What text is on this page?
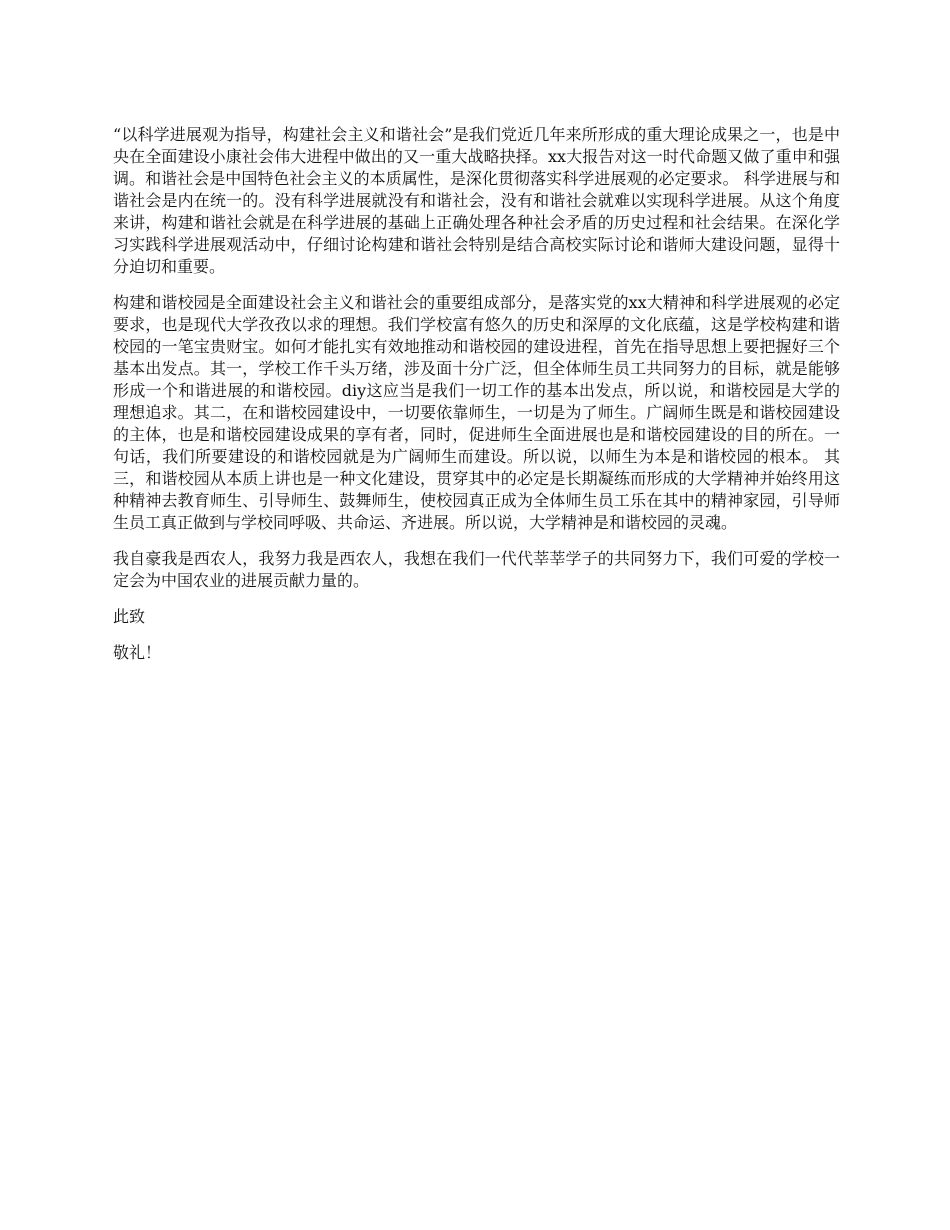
“以科学进展观为指导，构建社会主义和谐社会”是我们党近几年来所形成的重大理论成果之一，也是中央在全面建设小康社会伟大进程中做出的又一重大战略抉择。xx大报告对这一时代命题又做了重申和强调。和谐社会是中国特色社会主义的本质属性，是深化贯彻落实科学进展观的必定要求。 科学进展与和谐社会是内在统一的。没有科学进展就没有和谐社会，没有和谐社会就难以实现科学进展。从这个角度来讲，构建和谐社会就是在科学进展的基础上正确处理各种社会矛盾的历史过程和社会结果。在深化学习实践科学进展观活动中，仔细讨论构建和谐社会特别是结合高校实际讨论和谐师大建设问题，显得十分迫切和重要。

构建和谐校园是全面建设社会主义和谐社会的重要组成部分，是落实党的xx大精神和科学进展观的必定要求，也是现代大学孜孜以求的理想。我们学校富有悠久的历史和深厚的文化底蕴，这是学校构建和谐校园的一笔宝贵财宝。如何才能扎实有效地推动和谐校园的建设进程，首先在指导思想上要把握好三个基本出发点。其一，学校工作千头万绪，涉及面十分广泛，但全体师生员工共同努力的目标，就是能够形成一个和谐进展的和谐校园。diy这应当是我们一切工作的基本出发点，所以说，和谐校园是大学的理想追求。其二，在和谐校园建设中，一切要依靠师生，一切是为了师生。广阔师生既是和谐校园建设的主体，也是和谐校园建设成果的享有者，同时，促进师生全面进展也是和谐校园建设的目的所在。一句话，我们所要建设的和谐校园就是为广阔师生而建设。所以说，以师生为本是和谐校园的根本。 其三，和谐校园从本质上讲也是一种文化建设，贯穿其中的必定是长期凝练而形成的大学精神并始终用这种精神去教育师生、引导师生、鼓舞师生，使校园真正成为全体师生员工乐在其中的精神家园，引导师生员工真正做到与学校同呼吸、共命运、齐进展。所以说，大学精神是和谐校园的灵魂。

我自豪我是西农人，我努力我是西农人，我想在我们一代代莘莘学子的共同努力下，我们可爱的学校一定会为中国农业的进展贡献力量的。

此致

敬礼！
